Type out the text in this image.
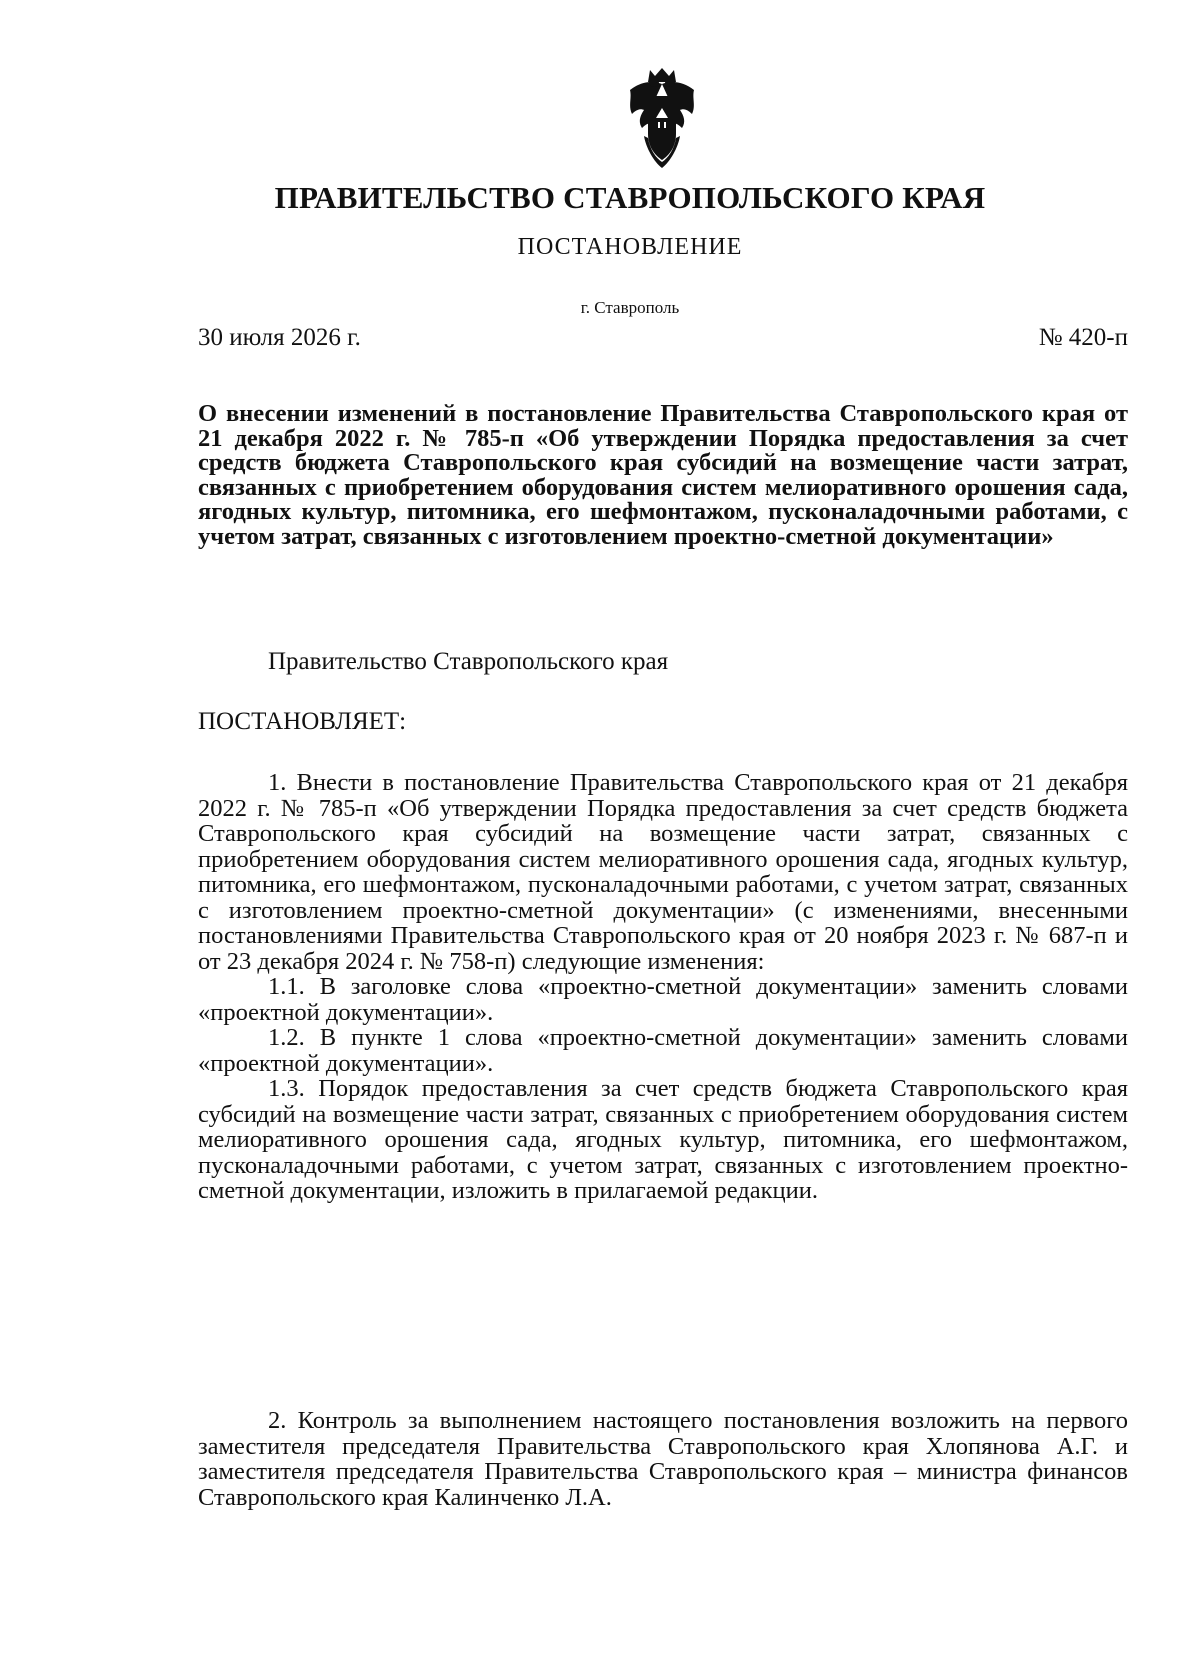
ПРАВИТЕЛЬСТВО СТАВРОПОЛЬСКОГО КРАЯ
ПОСТАНОВЛЕНИЕ
г. Ставрополь
30 июля 2026 г.	№ 420-п
О внесении изменений в постановление Правительства Ставропольского края от 21 декабря 2022 г. № 785-п «Об утверждении Порядка предоставления за счет средств бюджета Ставропольского края субсидий на возмещение части затрат, связанных с приобретением оборудования систем мелиоративного орошения сада, ягодных культур, питомника, его шефмонтажом, пусконаладочными работами, с учетом затрат, связанных с изготовлением проектно-сметной документации»
Правительство Ставропольского края
ПОСТАНОВЛЯЕТ:

1. Внести в постановление Правительства Ставропольского края от 21 декабря 2022 г. № 785-п «Об утверждении Порядка предоставления за счет средств бюджета Ставропольского края субсидий на возмещение части затрат, связанных с приобретением оборудования систем мелиоративного орошения сада, ягодных культур, питомника, его шефмонтажом, пусконаладочными работами, с учетом затрат, связанных с изготовлением проектно-сметной документации» (с изменениями, внесенными постановлениями Правительства Ставропольского края от 20 ноября 2023 г. № 687-п и от 23 декабря 2024 г. № 758-п) следующие изменения:

1.1. В заголовке слова «проектно-сметной документации» заменить словами «проектной документации».

1.2. В пункте 1 слова «проектно-сметной документации» заменить словами «проектной документации».

1.3. Порядок предоставления за счет средств бюджета Ставропольского края субсидий на возмещение части затрат, связанных с приобретением оборудования систем мелиоративного орошения сада, ягодных культур, питомника, его шефмонтажом, пусконаладочными работами, с учетом затрат, связанных с изготовлением проектно-сметной документации, изложить в прилагаемой редакции.

2. Контроль за выполнением настоящего постановления возложить на первого заместителя председателя Правительства Ставропольского края Хлопянова А.Г. и заместителя председателя Правительства Ставропольского края – министра финансов Ставропольского края Калинченко Л.А.
